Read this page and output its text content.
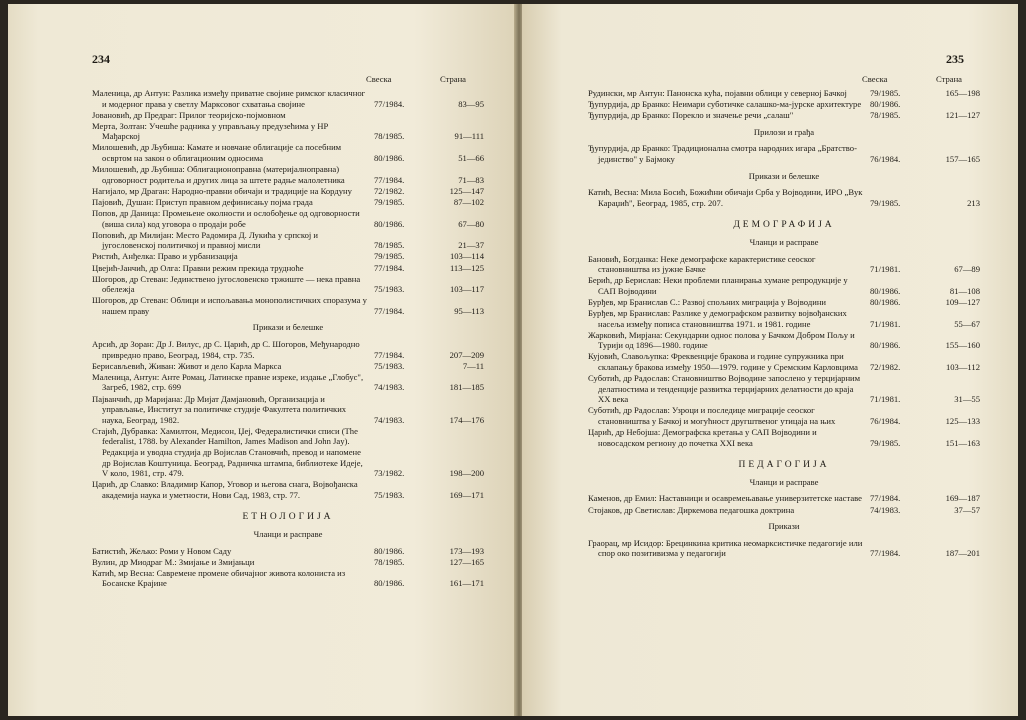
234
Свеска	Страна
Маленица, др Антун: Разлика између приватне својине римског класичног и модерног права у светлу Марксовог схватања својине	77/1984.	83—95
Јовановић, др Предраг: Прилог теоријско-појмовном
Мерта, Золтан: Учешће радника у управљању предузећима у НР Мађарској	78/1985.	91—111
Милошевић, др Љубиша: Камате и новчане облигације са посебним освртом на закон о облигационим односима	80/1986.	51—66
Милошевић, др Љубиша: Облигационоправна (материјалноправна) одговорност родитеља и других лица за штете радње малолетника	77/1984.	71—83
Нагијало, мр Драган: Народно-правни обичаји и традиције на Кордуну	72/1982.	125—147
Пајовић, Душан: Приступ правном дефинисању појма града	79/1985.	87—102
Попов, др Даница: Промењене околности и ослобођење од одговорности (виша сила) код уговора о продаји робе	80/1986.	67—80
Поповић, др Милијан: Место Радомира Д. Лукића у српској и југословенској политичкој и правној мисли	78/1985.	21—37
Ристић, Анђелка: Право и урбанизација	79/1985.	103—114
Цвејић-Јанчић, др Олга: Правни режим прекида трудноће	77/1984.	113—125
Шогоров, др Стеван: Јединствено југословенско тржиште — нека правна обележја	75/1983.	103—117
Шогоров, др Стеван: Облици и испољавања монополистичких споразума у нашем праву	77/1984.	95—113
Прикази и белешке
Арсић, др Зоран: Др Ј. Вилус, др С. Царић, др С. Шогоров, Међународно привредно право, Београд, 1984, стр. 735.	77/1984.	207—209
Берисављевић, Живан: Живот и дело Карла Маркса	75/1983.	7—11
Маленица, Антун: Анте Ромац, Латинске правне изреке, издање „Глобус", Загреб, 1982, стр. 699	74/1983.	181—185
Пајванчић, др Маријана: Др Мијат Дамјановић, Организација и управљање, Институт за политичке студије Факултета политичких наука, Београд, 1982.	74/1983.	174—176
Стајић, Дубравка: Хамилтон, Медисон, Џеј, Федералистички списи (The federalist, 1788. by Alexander Hamilton, James Madison and John Jay). Редакција и уводна студија др Војислав Становчић, превод и напомене др Војислав Коштуница. Београд, Радничка штампа, библиотеке Идеје, V коло, 1981, стр. 479.	73/1982.	198—200
Царић, др Славко: Владимир Капор, Уговор и његова снага, Војвођанска академија наука и уметности, Нови Сад, 1983, стр. 77.	75/1983.	169—171
ЕТНОЛОГИЈА
Чланци и расправе
Батистић, Жељко: Роми у Новом Саду	80/1986.	173—193
Вулин, др Миодраг М.: Змијање и Змијањци	78/1985.	127—165
Катић, мр Весна: Савремене промене обичајног живота колониста из Босанске Крајине	80/1986.	161—171
235
Свеска	Страна
Рудински, мр Антун: Панонска кућа, појавни облици у северној Бачкој	79/1985.	165—198
Ђупурдија, др Бранко: Неимари суботичке салашко-ма-јурске архитектуре	80/1986.
Ђупурдија, др Бранко: Порекло и значење речи „салаш"	78/1985.	121—127
Прилози и грађа
Ђупурдија, др Бранко: Традиционална смотра народних игара „Братство-јединство" у Бајмоку	76/1984.	157—165
Прикази и белешке
Катић, Весна: Мила Босић, Божићни обичаји Срба у Војводини, ИРО „Вук Караџић", Београд, 1985, стр. 207.	79/1985.	213
ДЕМОГРАФИЈА
Чланци и расправе
Бановић, Богданка: Неке демографске карактеристике сеоског становништва из јужне Бачке	71/1981.	67—89
Берић, др Берислав: Неки проблеми планирања хумане репродукције у САП Војводини	80/1986.	81—108
Бурђев, мр Бранислав С.: Развој спољних миграција у Војводини	80/1986.	109—127
Бурђев, мр Бранислав: Разлике у демографском развитку војвођанских насеља између пописа становништва 1971. и 1981. године	71/1981.	55—67
Жарковић, Мирјана: Секундарни однос полова у Бачком Добром Пољу и Турији од 1896—1980. године	80/1986.	155—160
Кујовић, Славољупка: Фреквенције бракова и године супружника при склапању бракова између 1950—1979. године у Сремским Карловцима	72/1982.	103—112
Суботић, др Радослав: Становништво Војводине запослено у терцијарним делатностима и тенденције развитка терцијарних делатности до краја XX века	71/1981.	31—55
Суботић, др Радослав: Узроци и последице миграције сеоског становништва у Бачкој и могућност другштвеног утицаја на њих	76/1984.	125—133
Царић, др Небојша: Демографска кретања у САП Војводини и новосадском региону до почетка XXI века	79/1985.	151—163
ПЕДАГОГИЈА
Чланци и расправе
Каменов, др Емил: Наставници и осавремењавање универзитетске наставе 77/1984.	169—187
Стојаков, др Светислав: Диркемова педагошка доктрина	74/1983.	37—57
Прикази
Граорац, мр Исидор: Брецинкина критика неомарксистичке педагогије или спор око позитивизма у педагогији	77/1984.	187—201
